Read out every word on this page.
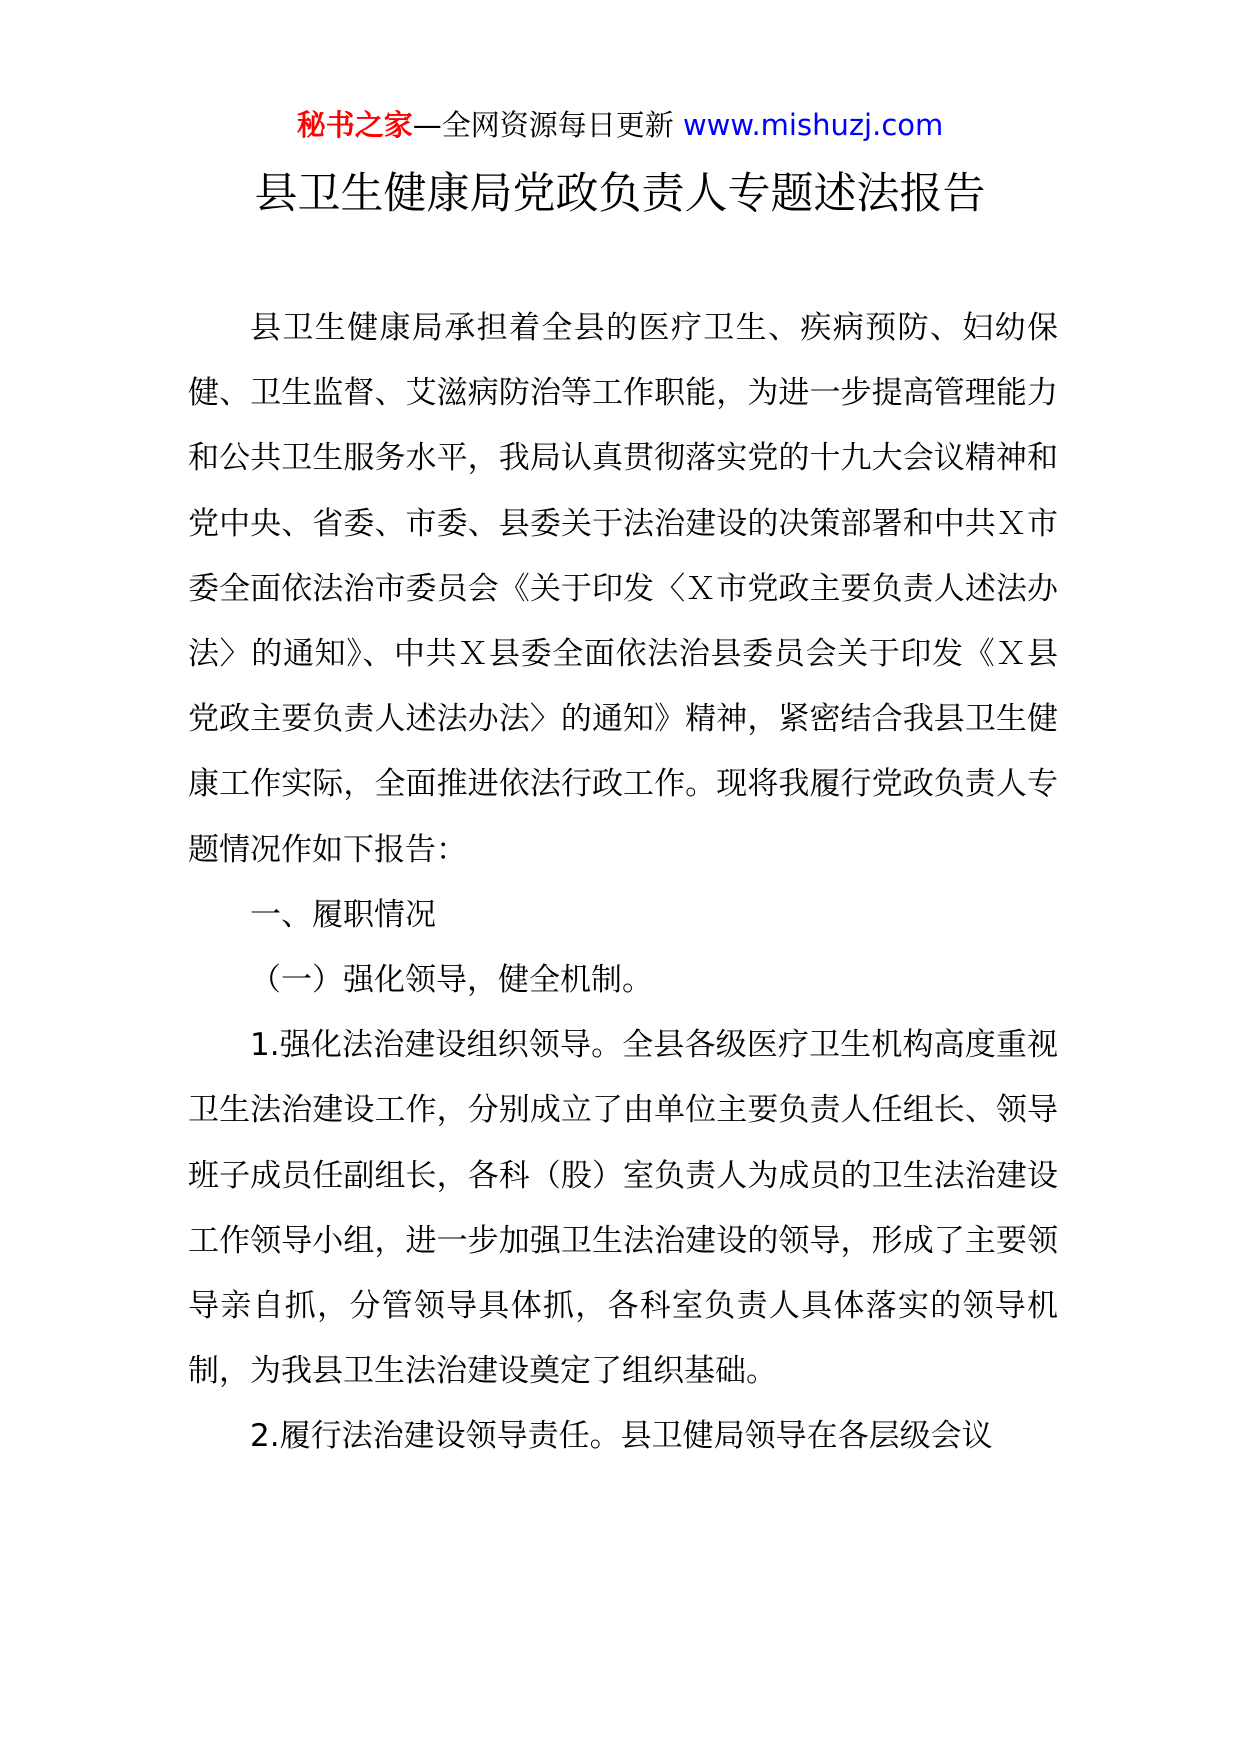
秘书之家—全网资源每日更新 www.mishuzj.com
县卫生健康局党政负责人专题述法报告

县卫生健康局承担着全县的医疗卫生、疾病预防、妇幼保健、卫生监督、艾滋病防治等工作职能，为进一步提高管理能力和公共卫生服务水平，我局认真贯彻落实党的十九大会议精神和党中央、省委、市委、县委关于法治建设的决策部署和中共Ｘ市委全面依法治市委员会《关于印发〈Ｘ市党政主要负责人述法办法〉的通知》、中共Ｘ县委全面依法治县委员会关于印发《Ｘ县党政主要负责人述法办法〉的通知》精神，紧密结合我县卫生健康工作实际，全面推进依法行政工作。现将我履行党政负责人专题情况作如下报告：

一、履职情况

（一）强化领导，健全机制。

1.强化法治建设组织领导。全县各级医疗卫生机构高度重视卫生法治建设工作，分别成立了由单位主要负责人任组长、领导班子成员任副组长，各科（股）室负责人为成员的卫生法治建设工作领导小组，进一步加强卫生法治建设的领导，形成了主要领导亲自抓，分管领导具体抓，各科室负责人具体落实的领导机制，为我县卫生法治建设奠定了组织基础。

2.履行法治建设领导责任。县卫健局领导在各层级会议
